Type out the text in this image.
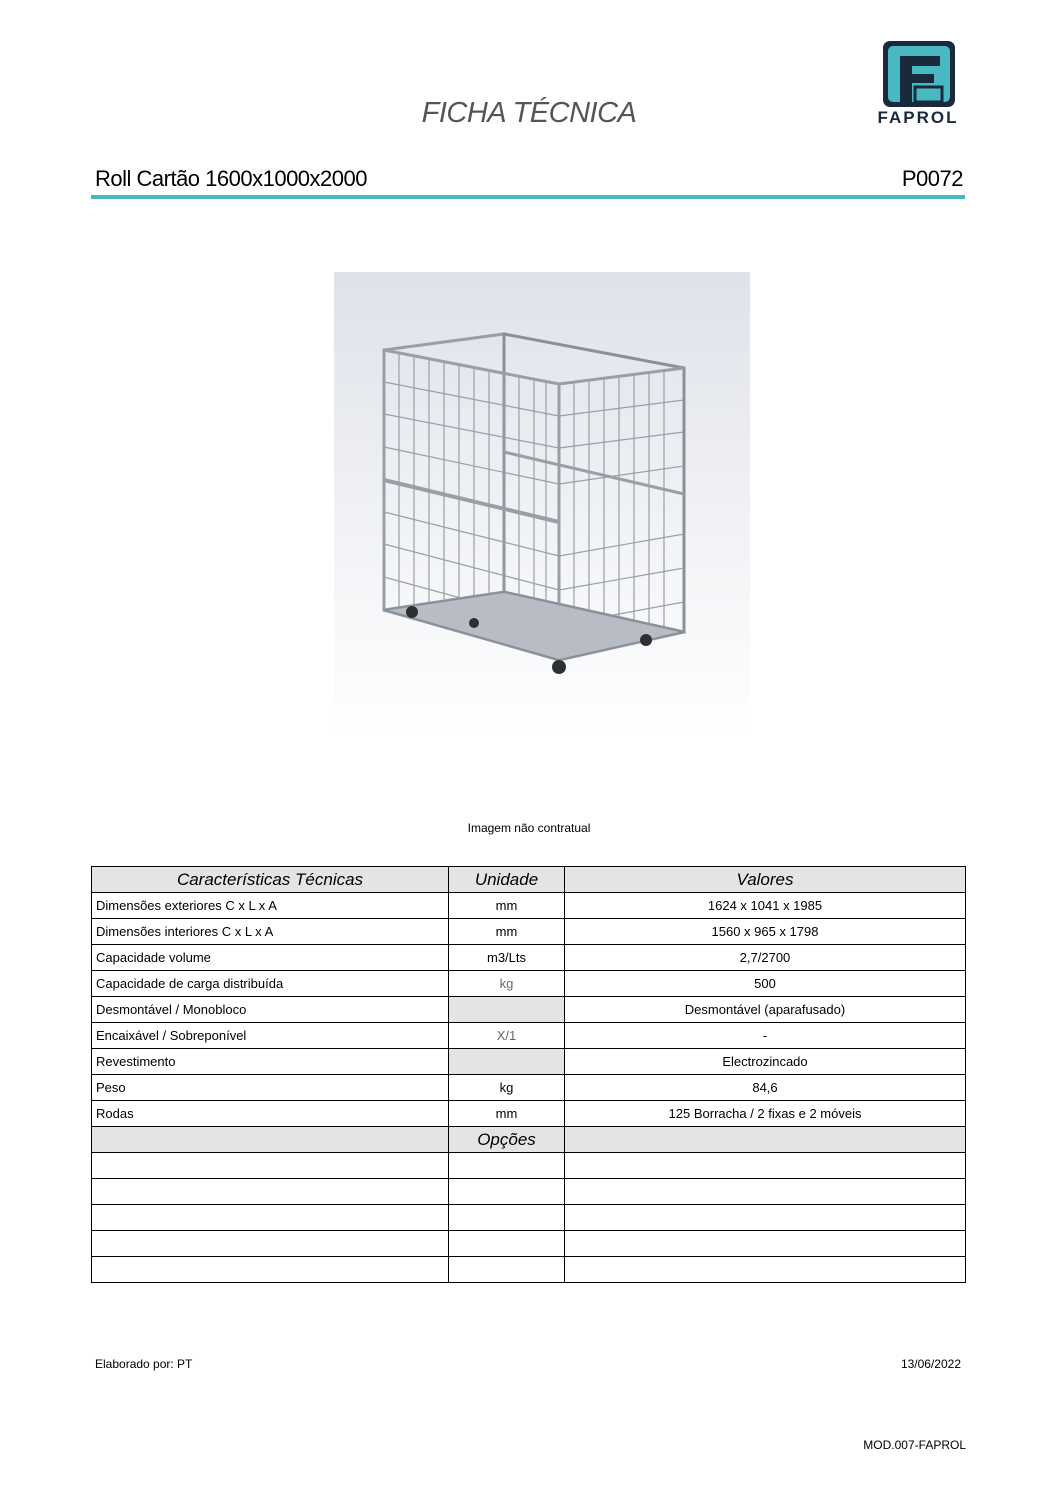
FICHA TÉCNICA	FAPROL
Roll Cartão 1600x1000x2000	P0072
Imagem não contratual
Características Técnicas	Unidade	Valores
Dimensões exteriores C x L x A	mm	1624 x 1041 x 1985
Dimensões interiores C x L x A	mm	1560 x 965 x 1798
Capacidade volume	m3/Lts	2,7/2700
Capacidade de carga distribuída	kg	500
Desmontável / Monobloco		Desmontável (aparafusado)
Encaixável / Sobreponível	X/1	-
Revestimento		Electrozincado
Peso	kg	84,6
Rodas	mm	125 Borracha / 2 fixas e 2 móveis
	Opções	

Elaborado por: PT	13/06/2022
MOD.007-FAPROL
